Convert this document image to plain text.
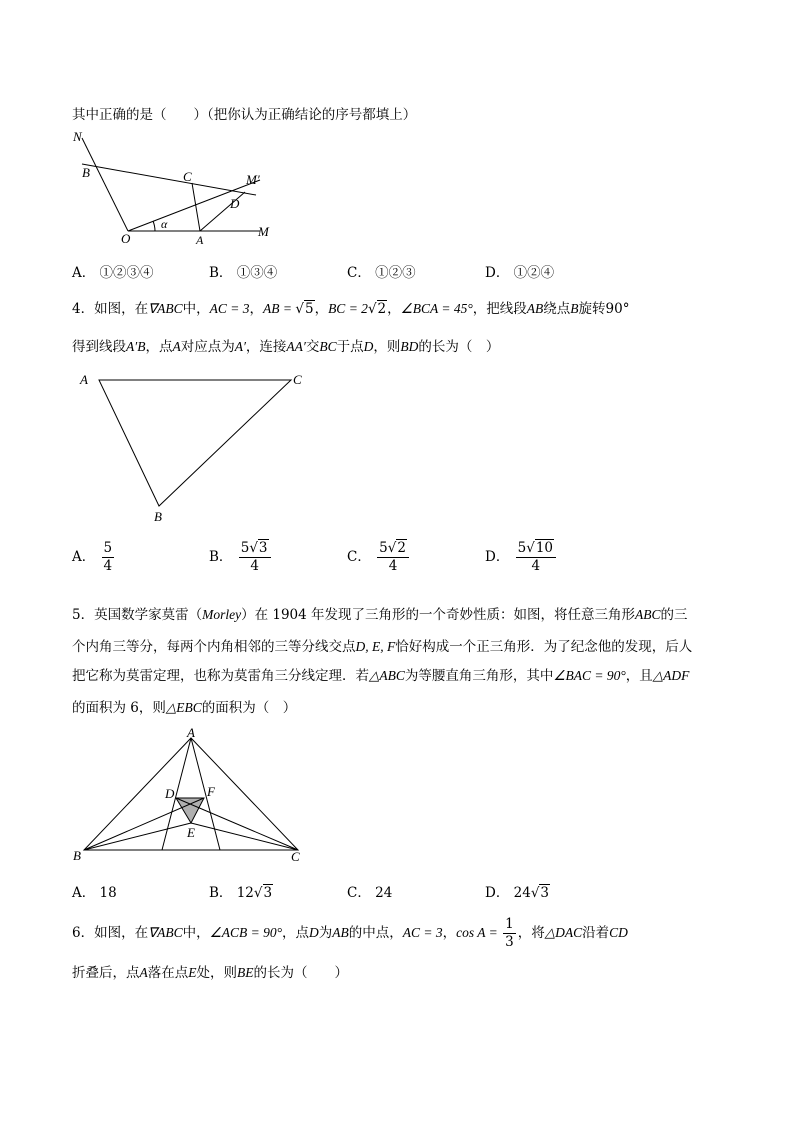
其中正确的是（　　）（把你认为正确结论的序号都填上）
N
B	C	M′
D
α
O	A
M
A． ①②③④	B． ①③④	C． ①②③	D． ①②④
4．如图，在∇ABC中，AC = 3，AB = √5，BC = 2√2，∠BCA = 45°，把线段AB绕点B旋转90°
得到线段A′B，点A对应点为A′，连接AA′交BC于点D，则BD的长为（　）
A	C
B
A． $\frac{5}{4}$	B． $\frac{5√3}{4}$	C． $\frac{5√2}{4}$	D． $\frac{5√10}{4}$
5．英国数学家莫雷（Morley）在 1904 年发现了三角形的一个奇妙性质：如图，将任意三角形ABC的三
个内角三等分，每两个内角相邻的三等分线交点D, E, F恰好构成一个正三角形．为了纪念他的发现，后人
把它称为莫雷定理，也称为莫雷角三分线定理．若△ABC为等腰直角三角形，其中∠BAC = 90°，且△ADF
的面积为 6，则△EBC的面积为（　）
A
D	F
E
B	C
A． 18	B． 12√3	C． 24	D． 24√3
6．如图，在∇ABC中，∠ACB = 90°，点D为AB的中点，AC = 3，$\cos A = \frac{1}{3}$ ，将△DAC沿着CD
折叠后，点A落在点E处，则BE的长为（　　）
